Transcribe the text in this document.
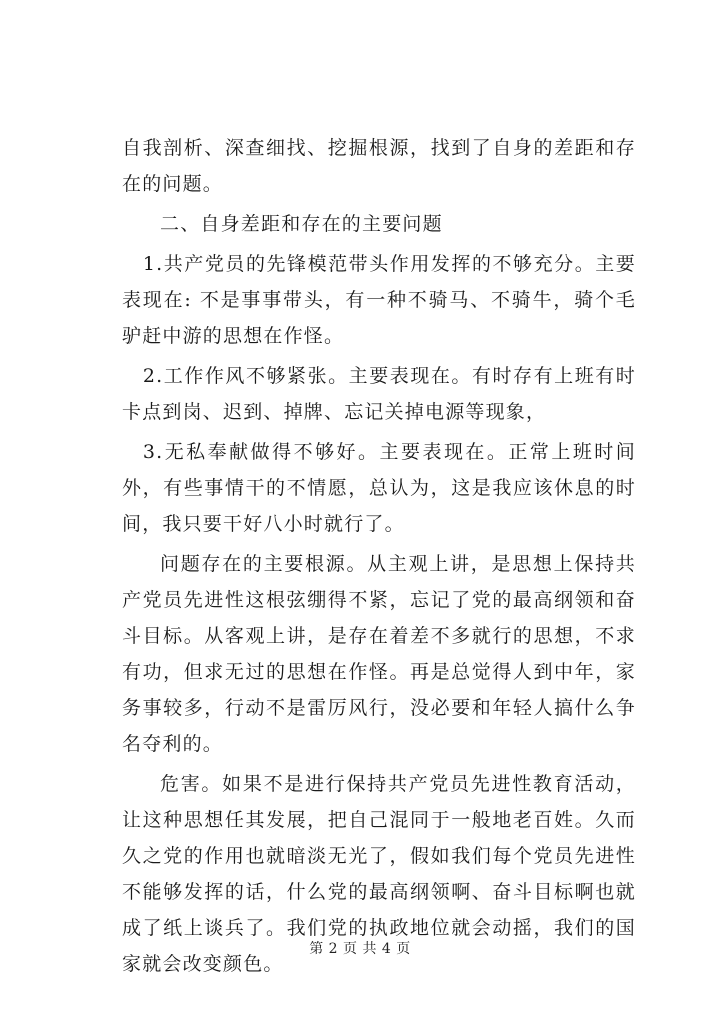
自我剖析、深查细找、挖掘根源，找到了自身的差距和存在的问题。

二、自身差距和存在的主要问题

1.共产党员的先锋模范带头作用发挥的不够充分。主要表现在: 不是事事带头，有一种不骑马、不骑牛，骑个毛驴赶中游的思想在作怪。

2.工作作风不够紧张。主要表现在。有时存有上班有时卡点到岗、迟到、掉牌、忘记关掉电源等现象，

3.无私奉献做得不够好。主要表现在。正常上班时间外，有些事情干的不情愿，总认为，这是我应该休息的时间，我只要干好八小时就行了。

问题存在的主要根源。从主观上讲，是思想上保持共产党员先进性这根弦绷得不紧，忘记了党的最高纲领和奋斗目标。从客观上讲，是存在着差不多就行的思想，不求有功，但求无过的思想在作怪。再是总觉得人到中年，家务事较多，行动不是雷厉风行，没必要和年轻人搞什么争名夺利的。

危害。如果不是进行保持共产党员先进性教育活动，让这种思想任其发展，把自己混同于一般地老百姓。久而久之党的作用也就暗淡无光了，假如我们每个党员先进性不能够发挥的话，什么党的最高纲领啊、奋斗目标啊也就成了纸上谈兵了。我们党的执政地位就会动摇，我们的国家就会改变颜色。

第 2 页 共 4 页
